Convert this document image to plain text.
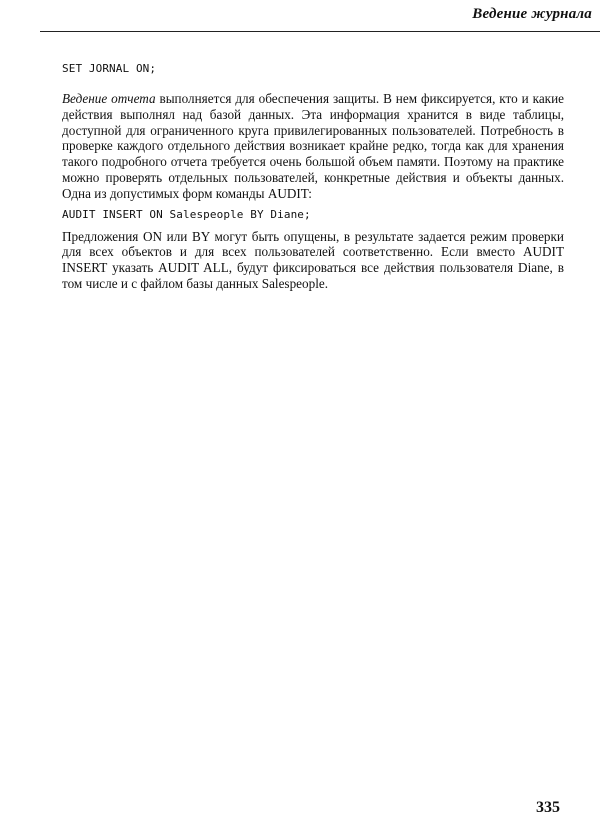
Ведение журнала

SET JORNAL ON;

Ведение отчета выполняется для обеспечения защиты. В нем фиксируется, кто и какие действия выполнял над базой данных. Эта информация хранится в виде таблицы, доступной для ограниченного круга привилегированных пользователей. Потребность в проверке каждого отдельного действия возникает крайне редко, тогда как для хранения такого подробного отчета требуется очень большой объем памяти. Поэтому на практике можно проверять отдельных пользователей, конкретные действия и объекты данных. Одна из допустимых форм команды AUDIT:

AUDIT INSERT ON Salespeople BY Diane;

Предложения ON или BY могут быть опущены, в результате задается режим проверки для всех объектов и для всех пользователей соответственно. Если вместо AUDIT INSERT указать AUDIT ALL, будут фиксироваться все действия пользователя Diane, в том числе и с файлом базы данных Salespeople.

335
